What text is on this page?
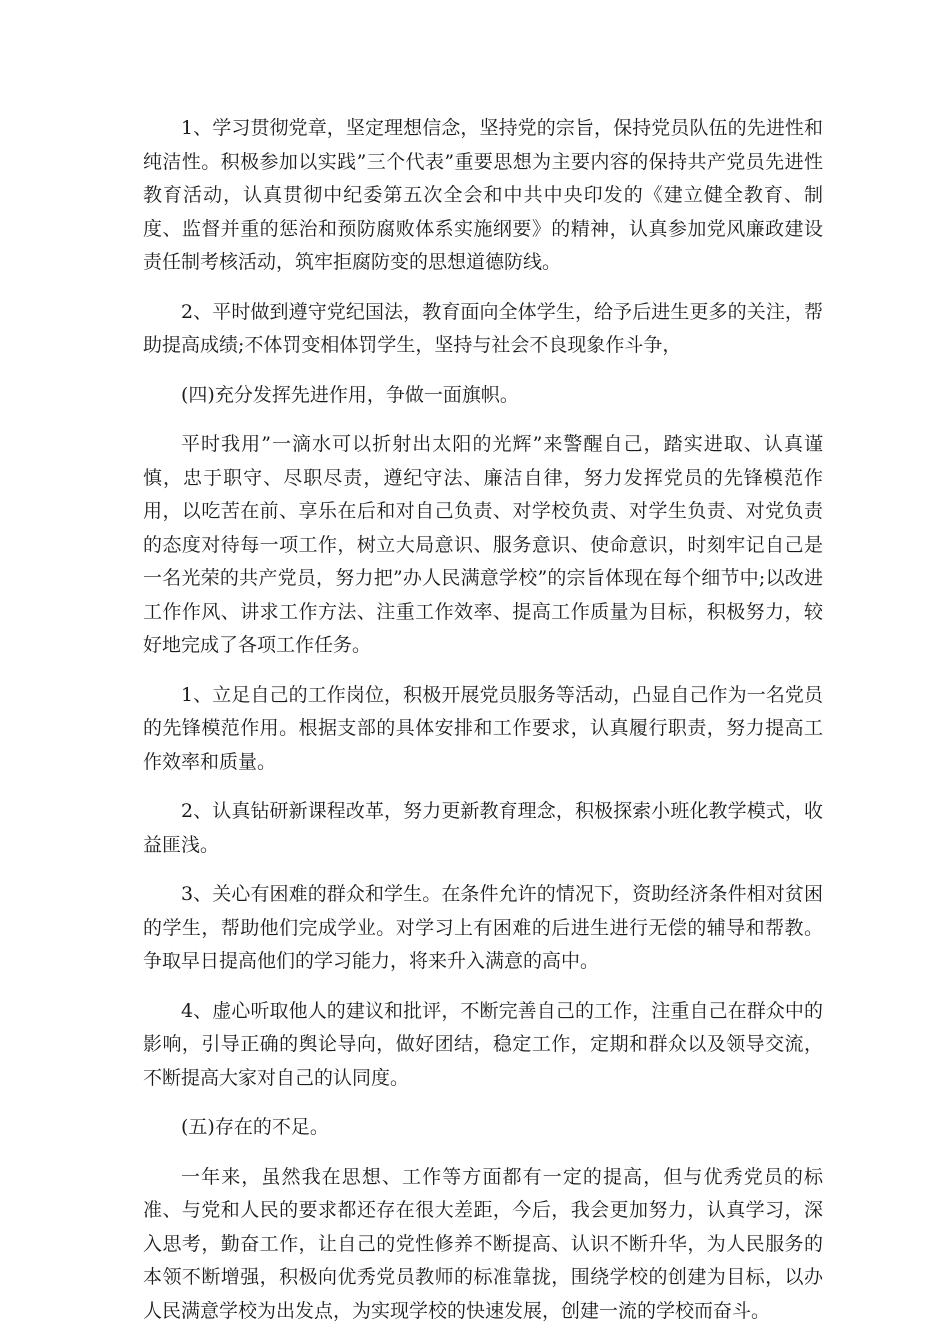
1、学习贯彻党章，坚定理想信念，坚持党的宗旨，保持党员队伍的先进性和纯洁性。积极参加以实践”三个代表”重要思想为主要内容的保持共产党员先进性教育活动，认真贯彻中纪委第五次全会和中共中央印发的《建立健全教育、制度、监督并重的惩治和预防腐败体系实施纲要》的精神，认真参加党风廉政建设责任制考核活动，筑牢拒腐防变的思想道德防线。

2、平时做到遵守党纪国法，教育面向全体学生，给予后进生更多的关注，帮助提高成绩;不体罚变相体罚学生，坚持与社会不良现象作斗争，

(四)充分发挥先进作用，争做一面旗帜。

平时我用”一滴水可以折射出太阳的光辉”来警醒自己，踏实进取、认真谨慎，忠于职守、尽职尽责，遵纪守法、廉洁自律，努力发挥党员的先锋模范作用，以吃苦在前、享乐在后和对自己负责、对学校负责、对学生负责、对党负责的态度对待每一项工作，树立大局意识、服务意识、使命意识，时刻牢记自己是一名光荣的共产党员，努力把”办人民满意学校”的宗旨体现在每个细节中;以改进工作作风、讲求工作方法、注重工作效率、提高工作质量为目标，积极努力，较好地完成了各项工作任务。

1、立足自己的工作岗位，积极开展党员服务等活动，凸显自己作为一名党员的先锋模范作用。根据支部的具体安排和工作要求，认真履行职责，努力提高工作效率和质量。

2、认真钻研新课程改革，努力更新教育理念，积极探索小班化教学模式，收益匪浅。

3、关心有困难的群众和学生。在条件允许的情况下，资助经济条件相对贫困的学生，帮助他们完成学业。对学习上有困难的后进生进行无偿的辅导和帮教。争取早日提高他们的学习能力，将来升入满意的高中。

4、虚心听取他人的建议和批评，不断完善自己的工作，注重自己在群众中的影响，引导正确的舆论导向，做好团结，稳定工作，定期和群众以及领导交流，不断提高大家对自己的认同度。

(五)存在的不足。

一年来，虽然我在思想、工作等方面都有一定的提高，但与优秀党员的标准、与党和人民的要求都还存在很大差距，今后，我会更加努力，认真学习，深入思考，勤奋工作，让自己的党性修养不断提高、认识不断升华，为人民服务的本领不断增强，积极向优秀党员教师的标准靠拢，围绕学校的创建为目标，以办人民满意学校为出发点，为实现学校的快速发展，创建一流的学校而奋斗。
